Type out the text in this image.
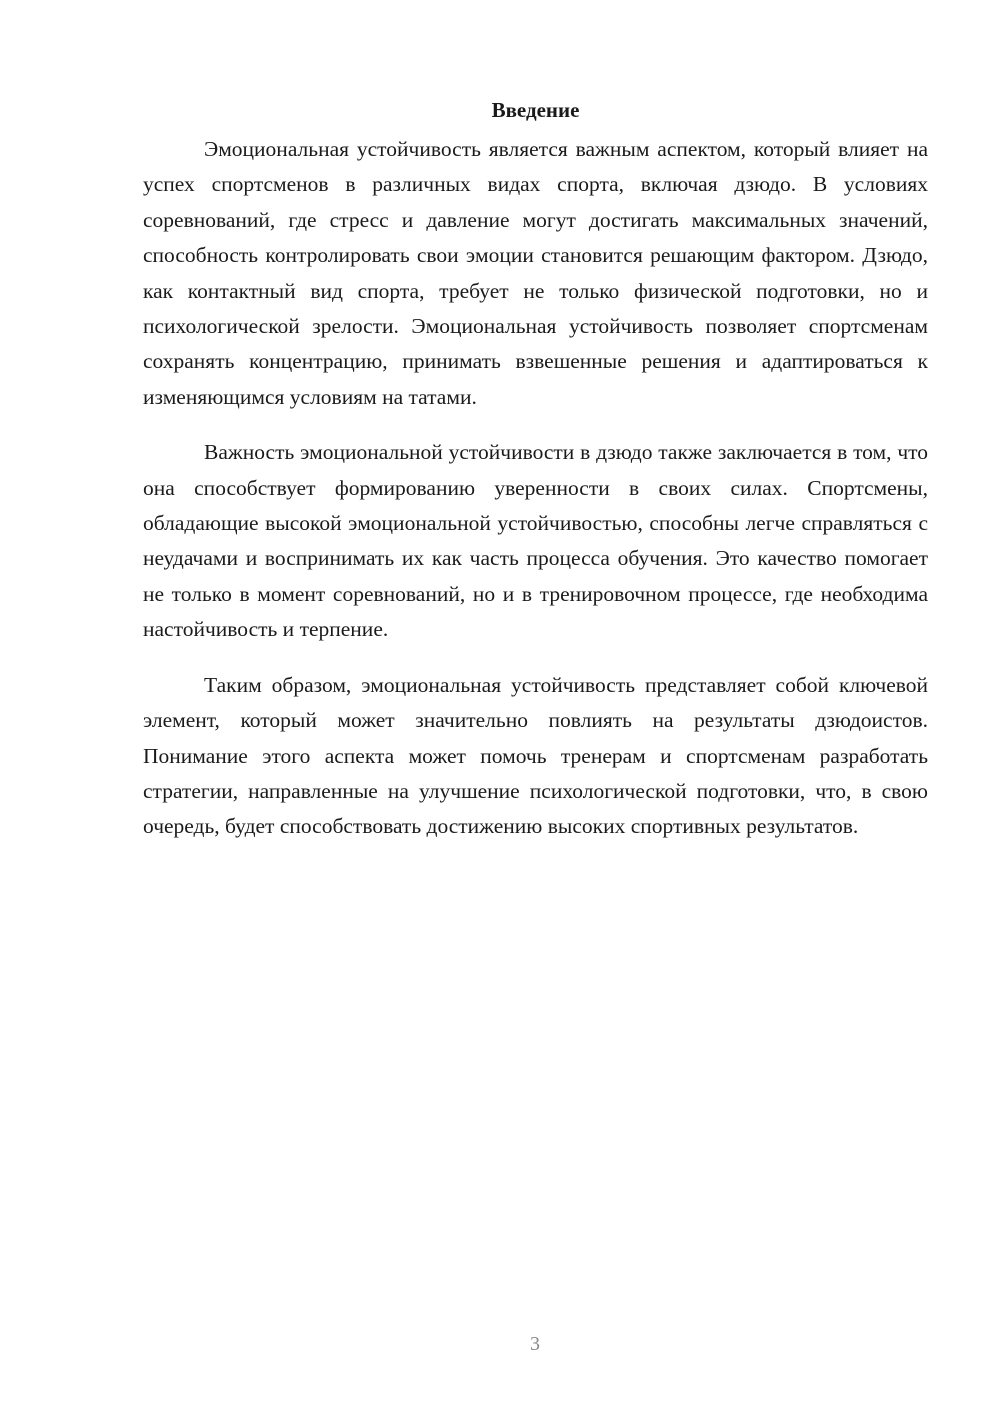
Введение

Эмоциональная устойчивость является важным аспектом, который влияет на успех спортсменов в различных видах спорта, включая дзюдо. В условиях соревнований, где стресс и давление могут достигать максимальных значений, способность контролировать свои эмоции становится решающим фактором. Дзюдо, как контактный вид спорта, требует не только физической подготовки, но и психологической зрелости. Эмоциональная устойчивость позволяет спортсменам сохранять концентрацию, принимать взвешенные решения и адаптироваться к изменяющимся условиям на татами.

Важность эмоциональной устойчивости в дзюдо также заключается в том, что она способствует формированию уверенности в своих силах. Спортсмены, обладающие высокой эмоциональной устойчивостью, способны легче справляться с неудачами и воспринимать их как часть процесса обучения. Это качество помогает не только в момент соревнований, но и в тренировочном процессе, где необходима настойчивость и терпение.

Таким образом, эмоциональная устойчивость представляет собой ключевой элемент, который может значительно повлиять на результаты дзюдоистов. Понимание этого аспекта может помочь тренерам и спортсменам разработать стратегии, направленные на улучшение психологической подготовки, что, в свою очередь, будет способствовать достижению высоких спортивных результатов.

3
